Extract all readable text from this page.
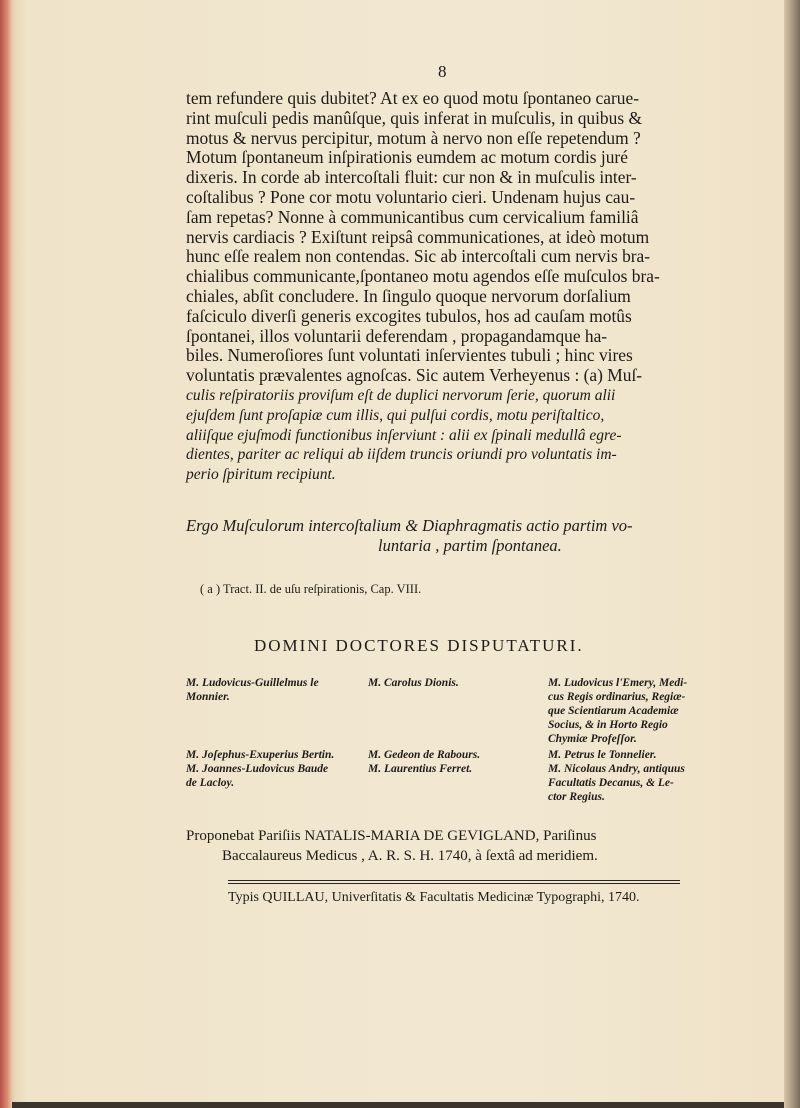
8
tem refundere quis dubitet? At ex eo quod motu ſpontaneo caruе-
rint muſculi pedis manûſque, quis inferat in muſculis, in quibus &
motus & nervus percipitur, motum à nervo non eſſe repetendum ?
Motum ſpontaneum inſpirationis eumdem ac motum cordis juré
dixeris. In corde ab intercoſtali fluit: cur non & in muſculis inter-
coſtalibus ? Pone cor motu voluntario cieri. Undenam hujus cau-
ſam repetas? Nonne à communicantibus cum cervicalium familiâ
nervis cardiacis ? Exiſtunt reipsâ communicationes, at ideò motum
hunc eſſe realem non contendas. Sic ab intercoſtali cum nervis bra-
chialibus communicante,ſpontaneo motu agendos eſſe muſculos bra-
chiales, abſit concludere. In ſingulo quoque nervorum dorſalium
faſciculo diverſi generis excogites tubulos, hos ad cauſam motûs
ſpontanei, illos voluntarii deferendam , propagandamque ha-
biles. Numeroſiores ſunt voluntati inſervientes tubuli ; hinc vires
voluntatis prævalentes agnoſcas. Sic autem Verheyenus : (a) Muſ-
culis reſpiratoriis proviſum eſt de duplici nervorum ſerie, quorum alii
ejuſdem ſunt proſapiæ cum illis, qui pulſui cordis, motu periſtaltico,
aliiſque ejuſmodi functionibus inſerviunt : alii ex ſpinali medullâ egre-
dientes, pariter ac reliqui ab iiſdem truncis oriundi pro voluntatis im-
perio ſpiritum recipiunt.
Ergo Muſculorum intercoſtalium & Diaphragmatis actio partim vo-
luntaria , partim ſpontanea.
( a ) Tract. II. de uſu reſpirationis, Cap. VIII.
DOMINI DOCTORES DISPUTATURI.
M. Ludovicus-Guillelmus le
Monnier.
M. Joſephus-Exuperius Bertin.
M. Joannes-Ludovicus Baude
de Lacloy.
M. Carolus Dionis.
M. Gedeon de Rabours.
M. Laurentius Ferret.
M. Ludovicus l'Emery, Medi-
cus Regis ordinarius, Regiæ-
que Scientiarum Academiæ
Socius, & in Horto Regio
Chymiæ Profeſſor.
M. Petrus le Tonnelier.
M. Nicolaus Andry, antiquus
Facultatis Decanus, & Le-
ctor Regius.
Proponebat Pariſiis NATALIS-MARIA DE GEVIGLAND, Pariſinus
Baccalaureus Medicus , A. R. S. H. 1740, à ſextâ ad meridiem.
Typis QUILLAU, Univerſitatis & Facultatis Medicinæ Typographi, 1740.
